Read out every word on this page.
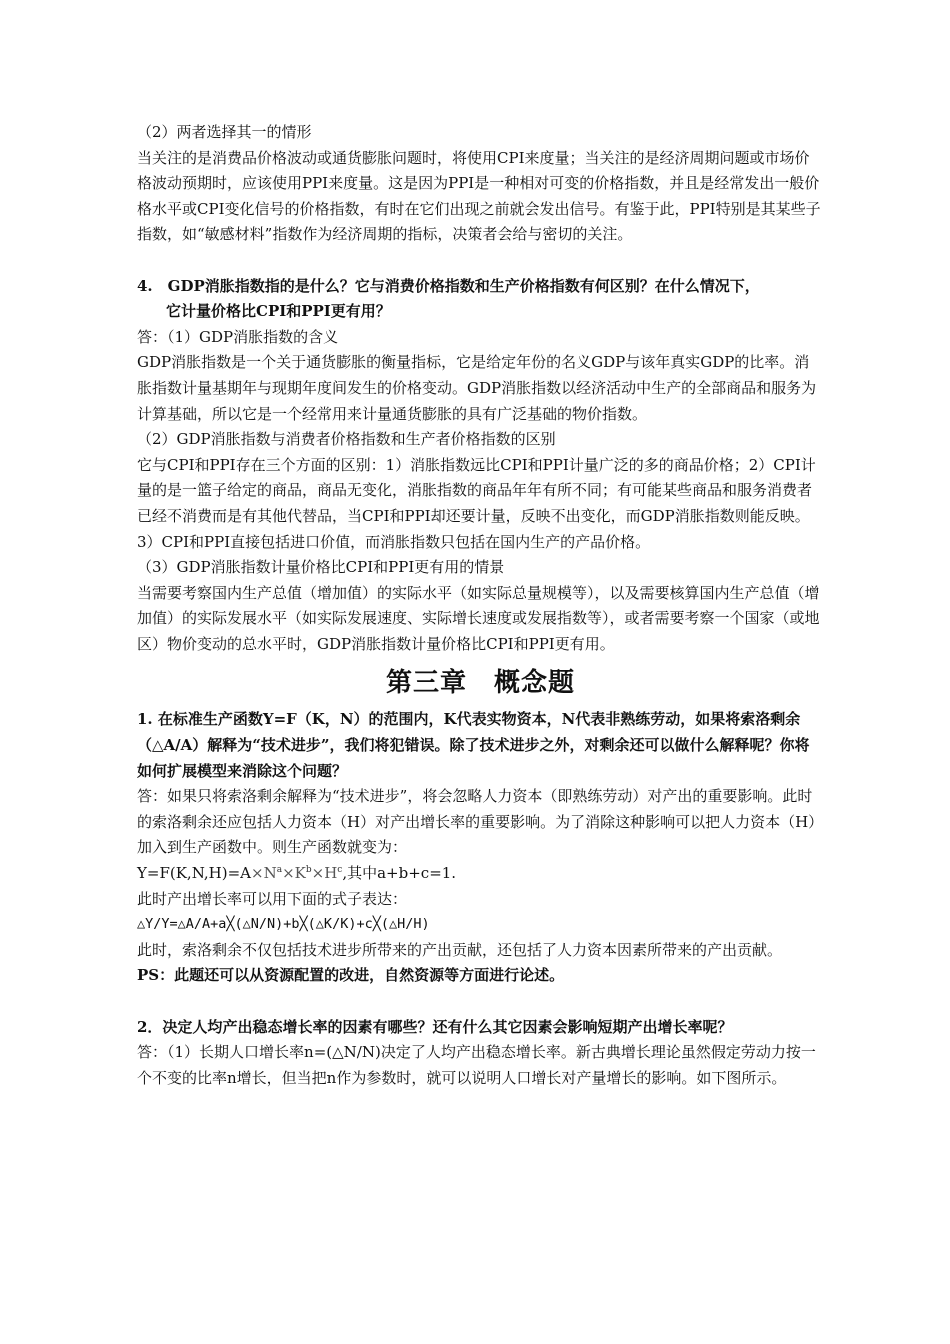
（2）两者选择其一的情形

当关注的是消费品价格波动或通货膨胀问题时，将使用CPI来度量；当关注的是经济周期问题或市场价格波动预期时，应该使用PPI来度量。这是因为PPI是一种相对可变的价格指数，并且是经常发出一般价格水平或CPI变化信号的价格指数，有时在它们出现之前就会发出信号。有鉴于此，PPI特别是其某些子指数，如“敏感材料”指数作为经济周期的指标，决策者会给与密切的关注。

4.　GDP消胀指数指的是什么？它与消费价格指数和生产价格指数有何区别？在什么情况下，

它计量价格比CPI和PPI更有用？

答：（1）GDP消胀指数的含义

GDP消胀指数是一个关于通货膨胀的衡量指标，它是给定年份的名义GDP与该年真实GDP的比率。消胀指数计量基期年与现期年度间发生的价格变动。GDP消胀指数以经济活动中生产的全部商品和服务为计算基础，所以它是一个经常用来计量通货膨胀的具有广泛基础的物价指数。

（2）GDP消胀指数与消费者价格指数和生产者价格指数的区别

它与CPI和PPI存在三个方面的区别：1）消胀指数远比CPI和PPI计量广泛的多的商品价格；2）CPI计量的是一篮子给定的商品，商品无变化，消胀指数的商品年年有所不同；有可能某些商品和服务消费者已经不消费而是有其他代替品，当CPI和PPI却还要计量，反映不出变化，而GDP消胀指数则能反映。3）CPI和PPI直接包括进口价值，而消胀指数只包括在国内生产的产品价格。

（3）GDP消胀指数计量价格比CPI和PPI更有用的情景

当需要考察国内生产总值（增加值）的实际水平（如实际总量规模等），以及需要核算国内生产总值（增加值）的实际发展水平（如实际发展速度、实际增长速度或发展指数等），或者需要考察一个国家（或地区）物价变动的总水平时，GDP消胀指数计量价格比CPI和PPI更有用。

第三章　概念题

1. 在标准生产函数Y=F（K，N）的范围内，K代表实物资本，N代表非熟练劳动，如果将索洛剩余（△A/A）解释为“技术进步”，我们将犯错误。除了技术进步之外，对剩余还可以做什么解释呢？你将如何扩展模型来消除这个问题？

答：如果只将索洛剩余解释为“技术进步”，将会忽略人力资本（即熟练劳动）对产出的重要影响。此时的索洛剩余还应包括人力资本（H）对产出增长率的重要影响。为了消除这种影响可以把人力资本（H）加入到生产函数中。则生产函数就变为：

$Y=F(K,N,H)=A\times N^a\times K^b\times H^c$,其中a+b+c=1.

此时产出增长率可以用下面的式子表达：

△Y/Y=△A/A+a╳(△N/N)+b╳(△K/K)+c╳(△H/H)

此时，索洛剩余不仅包括技术进步所带来的产出贡献，还包括了人力资本因素所带来的产出贡献。

PS：此题还可以从资源配置的改进，自然资源等方面进行论述。

2．决定人均产出稳态增长率的因素有哪些？还有什么其它因素会影响短期产出增长率呢？

答：（1）长期人口增长率n=(△N/N)决定了人均产出稳态增长率。新古典增长理论虽然假定劳动力按一个不变的比率n增长，但当把n作为参数时，就可以说明人口增长对产量增长的影响。如下图所示。
